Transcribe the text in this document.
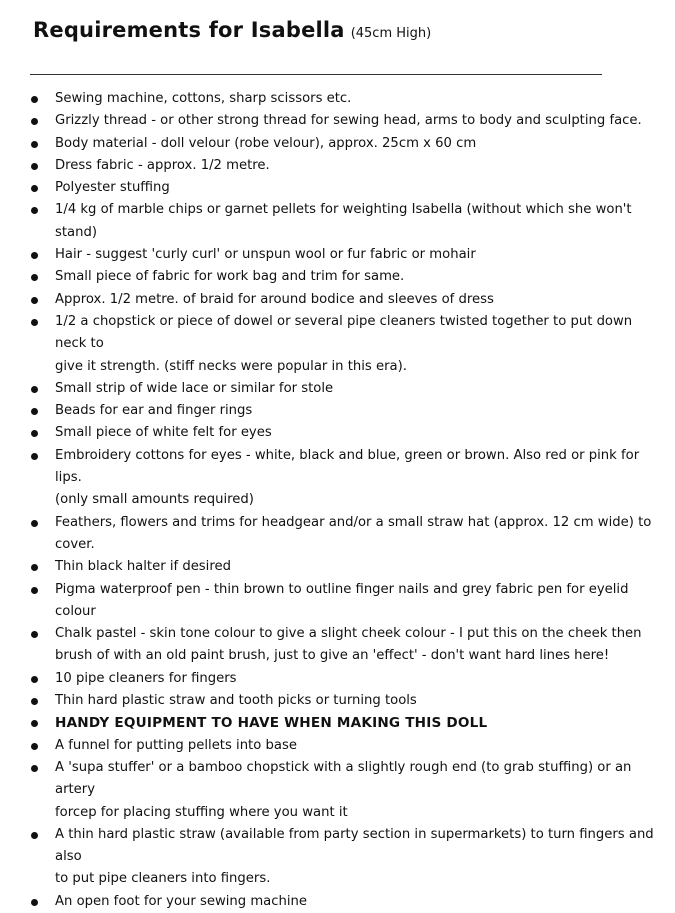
Requirements for Isabella (45cm High)
Sewing machine, cottons, sharp scissors etc.
Grizzly thread - or other strong thread for sewing head, arms to body and sculpting face.
Body material - doll velour (robe velour), approx. 25cm x 60 cm
Dress fabric - approx. 1/2 metre.
Polyester stuffing
1/4 kg of marble chips or garnet pellets for weighting Isabella (without which she won't stand)
Hair - suggest 'curly curl' or unspun wool or fur fabric or mohair
Small piece of fabric for work bag and trim for same.
Approx. 1/2 metre. of braid for around bodice and sleeves of dress
1/2 a chopstick or piece of dowel or several pipe cleaners twisted together to put down neck to
give it strength. (stiff necks were popular in this era).
Small strip of wide lace or similar for stole
Beads for ear and finger rings
Small piece of white felt for eyes
Embroidery cottons for eyes - white, black and blue, green or brown. Also red or pink for lips.
(only small amounts required)
Feathers, flowers and trims for headgear and/or a small straw hat (approx. 12 cm wide) to cover.
Thin black halter if desired
Pigma waterproof pen - thin brown to outline finger nails and grey fabric pen for eyelid colour
Chalk pastel - skin tone colour to give a slight cheek colour - I put this on the cheek then
brush of with an old paint brush, just to give an 'effect' - don't want hard lines here!
10 pipe cleaners for fingers
Thin hard plastic straw and tooth picks or turning tools
HANDY EQUIPMENT TO HAVE WHEN MAKING THIS DOLL
A funnel for putting pellets into base
A 'supa stuffer' or a bamboo chopstick with a slightly rough end (to grab stuffing) or an artery
forcep for placing stuffing where you want it
A thin hard plastic straw (available from party section in supermarkets) to turn fingers and also
to put pipe cleaners into fingers.
An open foot for your sewing machine
